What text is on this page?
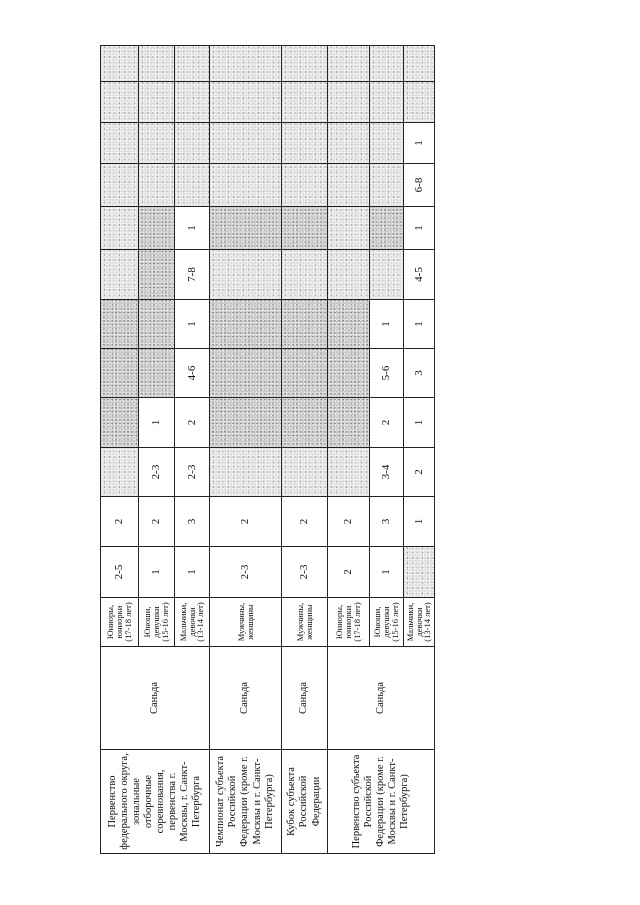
Первенство федерального округа, зональные отборочные соревнования, первенства г. Москвы, г. Санкт-Петербурга	Саньда	Юниоры, юниорки (17-18 лет)	2-5	2										
		Юноши, девушки (15-16 лет)	1	2	2-3	1								
		Мальчики, девочки (13-14 лет)	1	3	2-3	2	4-6	1	7-8	1				
Чемпионат субъекта Российской Федерации (кроме г. Москвы и г. Санкт-Петербурга)	Саньда	Мужчины, женщины	2-3	2										
Кубок субъекта Российской Федерации	Саньда	Мужчины, женщины	2-3	2										
Первенство субъекта Российской Федерации (кроме г. Москвы и г. Санкт-Петербурга)	Саньда	Юниоры, юниорки (17-18 лет)	2	2										
		Юноши, девушки (15-16 лет)	1	3	3-4	2	5-6	1						
		Мальчики, девочки (13-14 лет)		1	2	1	3	1	4-5	1	6-8	1		
